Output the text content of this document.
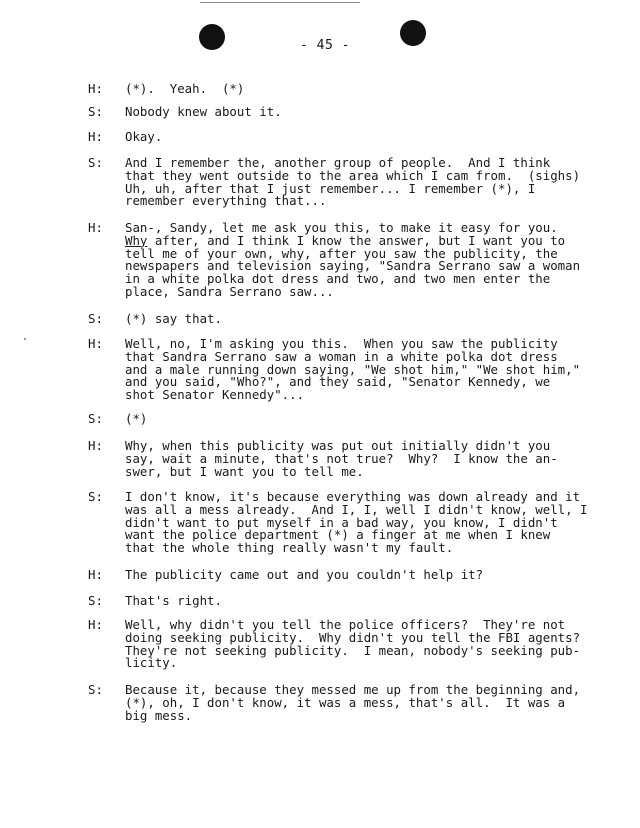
- 45 -
H: (*).  Yeah.  (*)
S: Nobody knew about it.
H: Okay.
S: And I remember the, another group of people.  And I think
that they went outside to the area which I cam from.  (sighs)
Uh, uh, after that I just remember... I remember (*), I
remember everything that...
H: San-, Sandy, let me ask you this, to make it easy for you.
Why after, and I think I know the answer, but I want you to
tell me of your own, why, after you saw the publicity, the
newspapers and television saying, "Sandra Serrano saw a woman
in a white polka dot dress and two, and two men enter the
place, Sandra Serrano saw...
S: (*) say that.
H: Well, no, I'm asking you this.  When you saw the publicity
that Sandra Serrano saw a woman in a white polka dot dress
and a male running down saying, "We shot him," "We shot him,"
and you said, "Who?", and they said, "Senator Kennedy, we
shot Senator Kennedy"...
S: (*)
H: Why, when this publicity was put out initially didn't you
say, wait a minute, that's not true?  Why?  I know the an-
swer, but I want you to tell me.
S: I don't know, it's because everything was down already and it
was all a mess already.  And I, I, well I didn't know, well, I
didn't want to put myself in a bad way, you know, I didn't
want the police department (*) a finger at me when I knew
that the whole thing really wasn't my fault.
H: The publicity came out and you couldn't help it?
S: That's right.
H: Well, why didn't you tell the police officers?  They're not
doing seeking publicity.  Why didn't you tell the FBI agents?
They're not seeking publicity.  I mean, nobody's seeking pub-
licity.
S: Because it, because they messed me up from the beginning and,
(*), oh, I don't know, it was a mess, that's all.  It was a
big mess.
